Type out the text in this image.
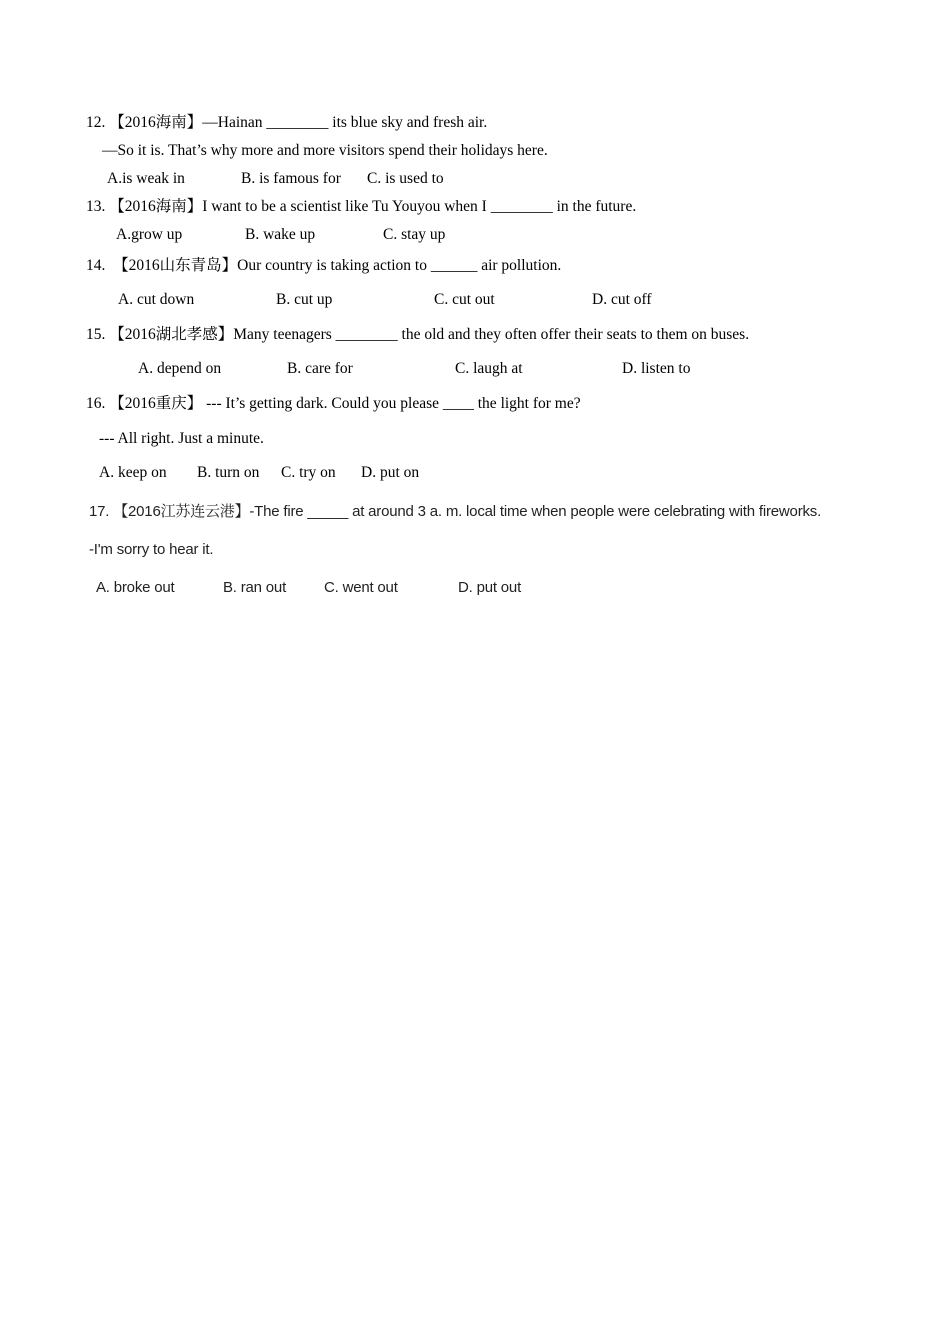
12. 【2016海南】—Hainan ________ its blue sky and fresh air.
—So it is. That’s why more and more visitors spend their holidays here.
A.is weak in	B. is famous for C. is used to
13. 【2016海南】I want to be a scientist like Tu Youyou when I ________ in the future.
A.grow up	B. wake up	C. stay up
14.  【2016山东青岛】Our country is taking action to ______ air pollution.
A. cut down	B. cut up	C. cut out	D. cut off
15. 【2016湖北孝感】Many teenagers ________ the old and they often offer their seats to them on buses.
A. depend on	B. care for	C. laugh at	D. listen to
16. 【2016重庆】 --- It’s getting dark. Could you please ____ the light for me?
--- All right. Just a minute.
A. keep on B. turn on C. try on D. put on
17. 【2016江苏连云港】-The fire _____ at around 3 a. m. local time when people were celebrating with fireworks.
-I'm sorry to hear it.
A. broke out	B. ran out	C. went out	D. put out
